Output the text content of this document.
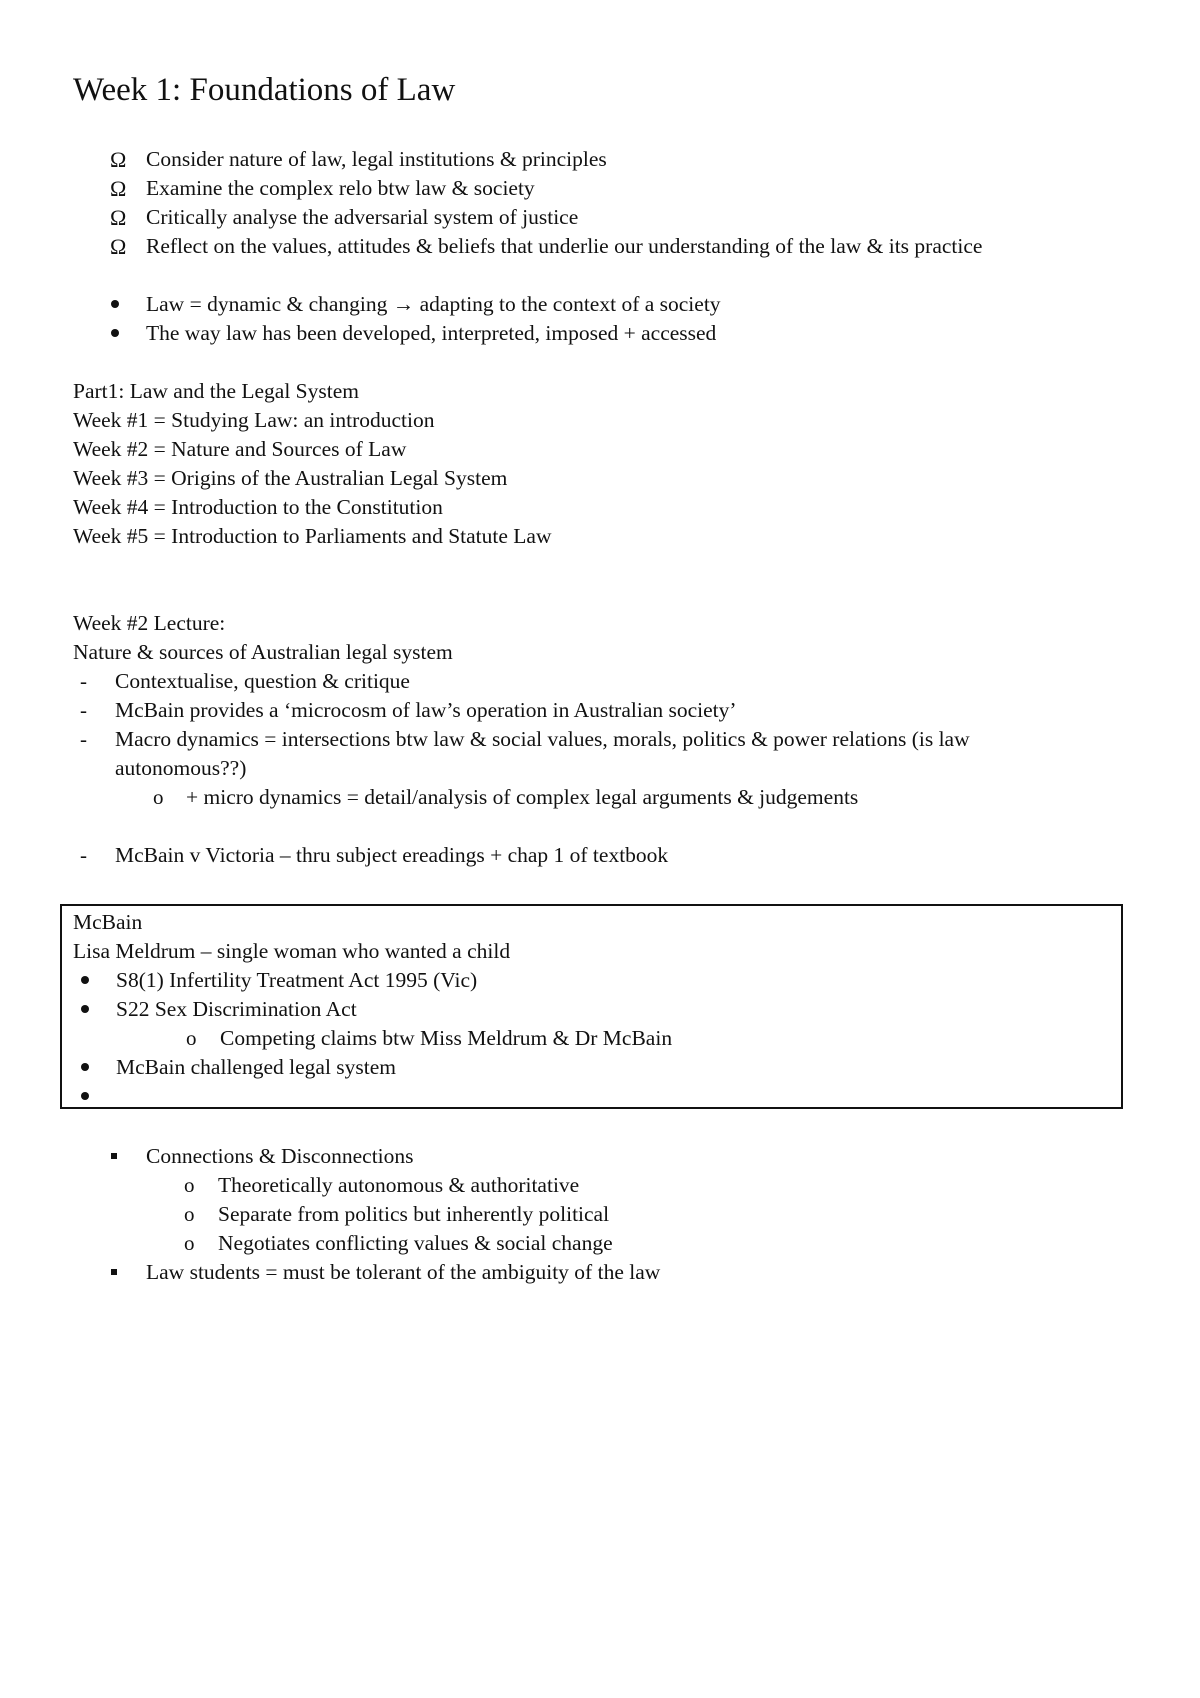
Week 1: Foundations of Law
Ω Consider nature of law, legal institutions & principles
Ω Examine the complex relo btw law & society
Ω Critically analyse the adversarial system of justice
Ω Reflect on the values, attitudes & beliefs that underlie our understanding of the law & its practice
Law = dynamic & changing → adapting to the context of a society
The way law has been developed, interpreted, imposed + accessed
Part1: Law and the Legal System
Week #1 = Studying Law: an introduction
Week #2 = Nature and Sources of Law
Week #3 = Origins of the Australian Legal System
Week #4 = Introduction to the Constitution
Week #5 = Introduction to Parliaments and Statute Law
Week #2 Lecture:
Nature & sources of Australian legal system
- Contextualise, question & critique
- McBain provides a ‘microcosm of law’s operation in Australian society’
- Macro dynamics = intersections btw law & social values, morals, politics & power relations (is law
autonomous??)
o + micro dynamics = detail/analysis of complex legal arguments & judgements
- McBain v Victoria – thru subject ereadings + chap 1 of textbook
McBain
Lisa Meldrum – single woman who wanted a child
S8(1) Infertility Treatment Act 1995 (Vic)
S22 Sex Discrimination Act
o Competing claims btw Miss Meldrum & Dr McBain
McBain challenged legal system
Connections & Disconnections
o Theoretically autonomous & authoritative
o Separate from politics but inherently political
o Negotiates conflicting values & social change
Law students = must be tolerant of the ambiguity of the law
